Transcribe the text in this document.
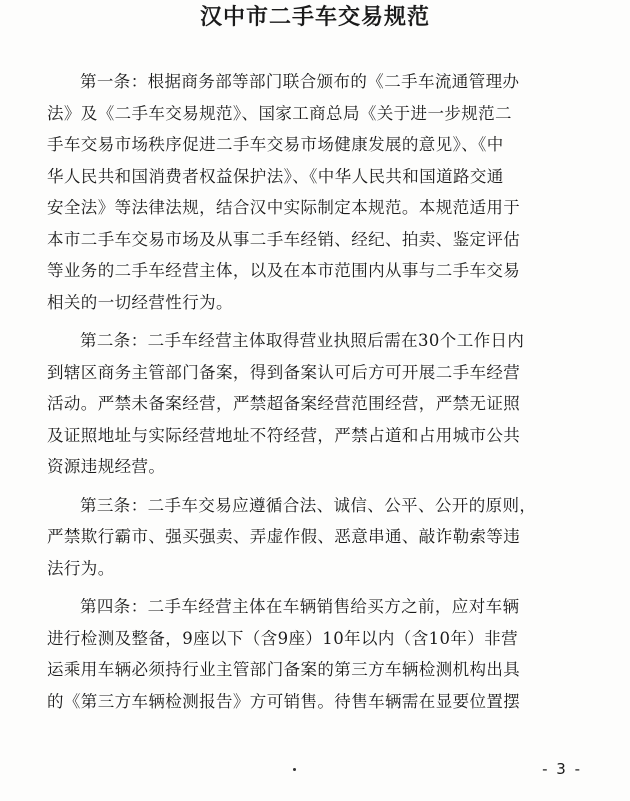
汉中市二手车交易规范
第一条：根据商务部等部门联合颁布的《二手车流通管理办
法》及《二手车交易规范》、国家工商总局《关于进一步规范二
手车交易市场秩序促进二手车交易市场健康发展的意见》、《中
华人民共和国消费者权益保护法》、《中华人民共和国道路交通
安全法》等法律法规，结合汉中实际制定本规范。本规范适用于
本市二手车交易市场及从事二手车经销、经纪、拍卖、鉴定评估
等业务的二手车经营主体，以及在本市范围内从事与二手车交易
相关的一切经营性行为。
第二条：二手车经营主体取得营业执照后需在30个工作日内
到辖区商务主管部门备案，得到备案认可后方可开展二手车经营
活动。严禁未备案经营，严禁超备案经营范围经营，严禁无证照
及证照地址与实际经营地址不符经营，严禁占道和占用城市公共
资源违规经营。
第三条：二手车交易应遵循合法、诚信、公平、公开的原则，
严禁欺行霸市、强买强卖、弄虚作假、恶意串通、敲诈勒索等违
法行为。
第四条：二手车经营主体在车辆销售给买方之前，应对车辆
进行检测及整备，9座以下（含9座）10年以内（含10年）非营
运乘用车辆必须持行业主管部门备案的第三方车辆检测机构出具
的《第三方车辆检测报告》方可销售。待售车辆需在显要位置摆
- 3 -
